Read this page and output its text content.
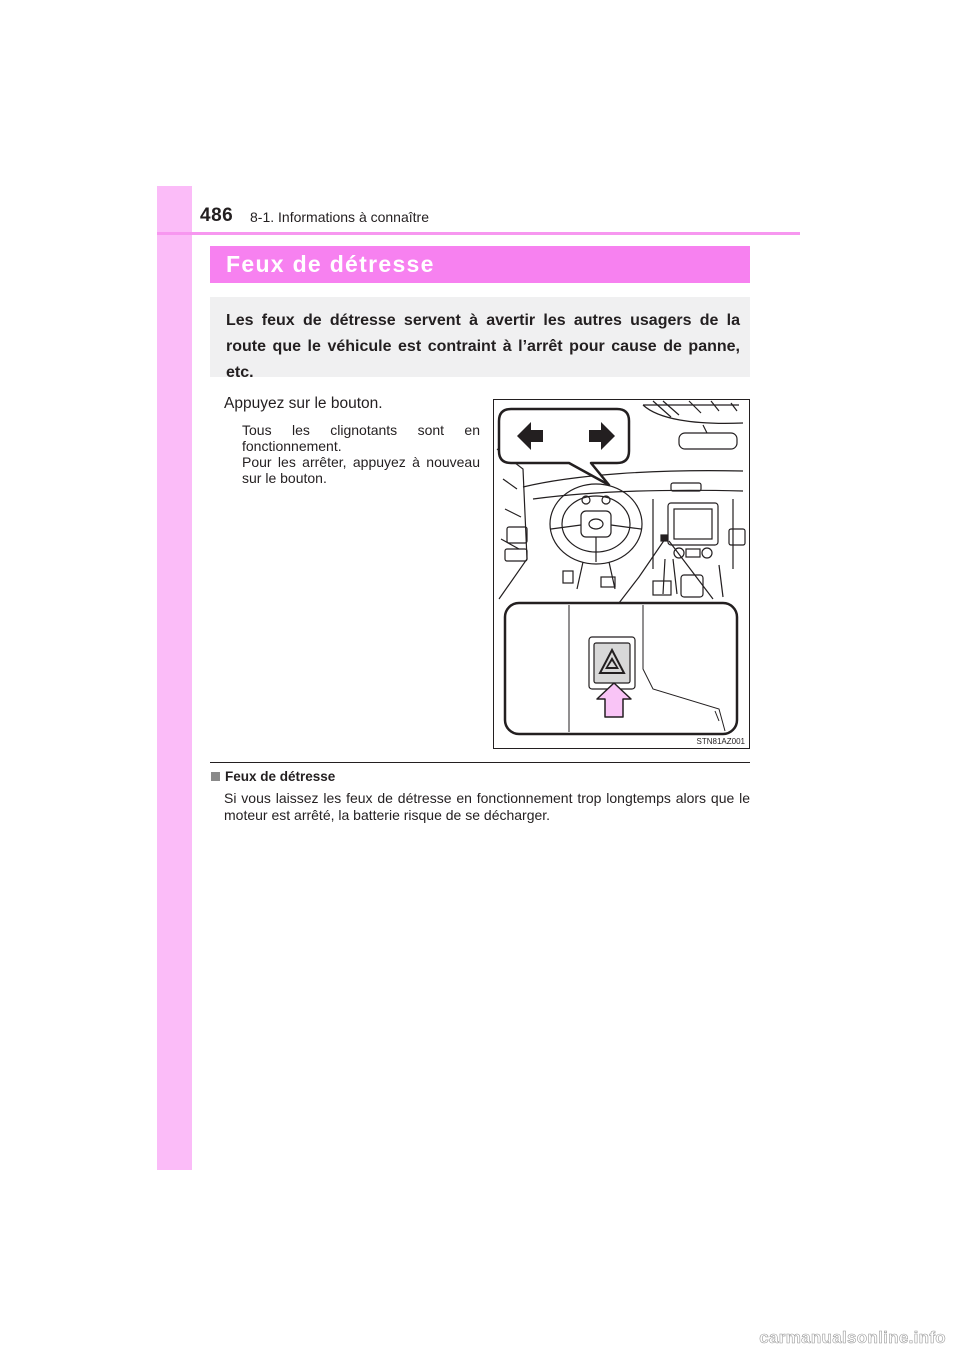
486 8-1. Informations à connaître
Feux de détresse
Les feux de détresse servent à avertir les autres usagers de la route que le véhicule est contraint à l’arrêt pour cause de panne, etc.
Appuyez sur le bouton.

Tous les clignotants sont en fonctionnement.

Pour les arrêter, appuyez à nouveau sur le bouton.

STN81AZ001
Feux de détresse
Si vous laissez les feux de détresse en fonctionnement trop longtemps alors que le moteur est arrêté, la batterie risque de se décharger.
carmanualsonline.info
